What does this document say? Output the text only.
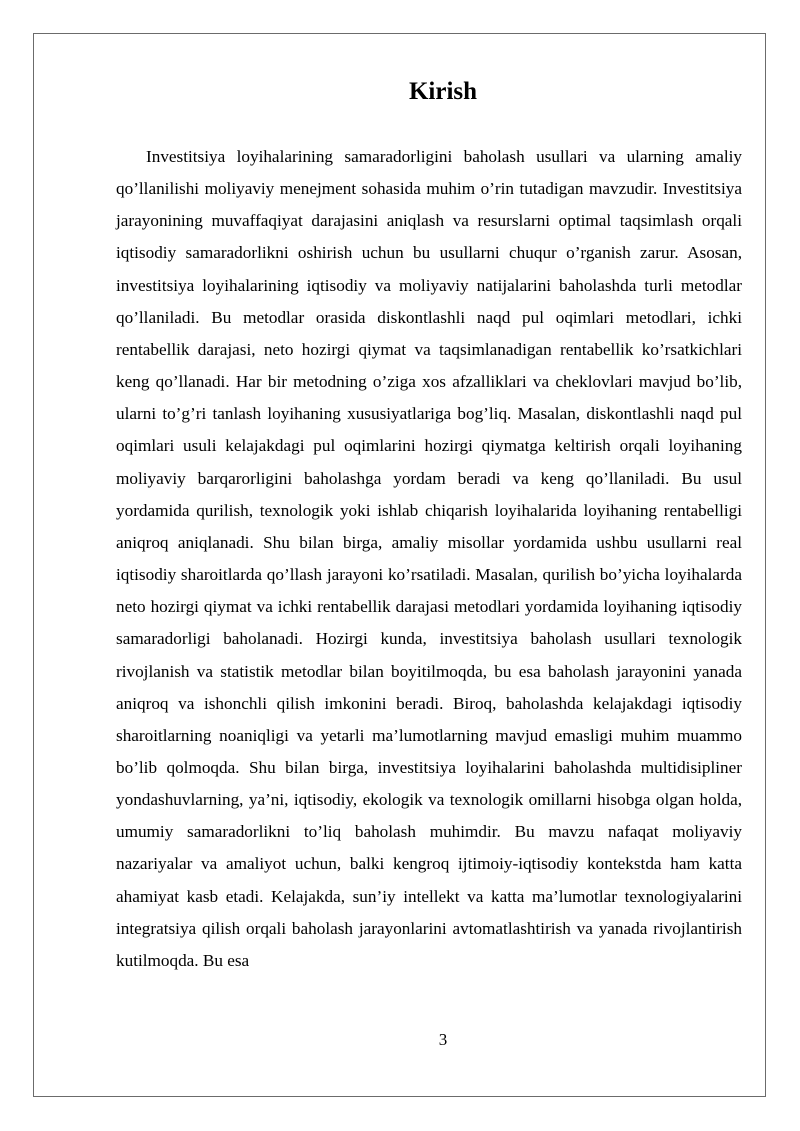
Kirish

Investitsiya loyihalarining samaradorligini baholash usullari va ularning amaliy qo’llanilishi moliyaviy menejment sohasida muhim o’rin tutadigan mavzudir. Investitsiya jarayonining muvaffaqiyat darajasini aniqlash va resurslarni optimal taqsimlash orqali iqtisodiy samaradorlikni oshirish uchun bu usullarni chuqur o’rganish zarur. Asosan, investitsiya loyihalarining iqtisodiy va moliyaviy natijalarini baholashda turli metodlar qo’llaniladi. Bu metodlar orasida diskontlashli naqd pul oqimlari metodlari, ichki rentabellik darajasi, neto hozirgi qiymat va taqsimlanadigan rentabellik ko’rsatkichlari keng qo’llanadi. Har bir metodning o’ziga xos afzalliklari va cheklovlari mavjud bo’lib, ularni to’g’ri tanlash loyihaning xususiyatlariga bog’liq. Masalan, diskontlashli naqd pul oqimlari usuli kelajakdagi pul oqimlarini hozirgi qiymatga keltirish orqali loyihaning moliyaviy barqarorligini baholashga yordam beradi va keng qo’llaniladi. Bu usul yordamida qurilish, texnologik yoki ishlab chiqarish loyihalarida loyihaning rentabelligi aniqroq aniqlanadi. Shu bilan birga, amaliy misollar yordamida ushbu usullarni real iqtisodiy sharoitlarda qo’llash jarayoni ko’rsatiladi. Masalan, qurilish bo’yicha loyihalarda neto hozirgi qiymat va ichki rentabellik darajasi metodlari yordamida loyihaning iqtisodiy samaradorligi baholanadi. Hozirgi kunda, investitsiya baholash usullari texnologik rivojlanish va statistik metodlar bilan boyitilmoqda, bu esa baholash jarayonini yanada aniqroq va ishonchli qilish imkonini beradi. Biroq, baholashda kelajakdagi iqtisodiy sharoitlarning noaniqligi va yetarli ma’lumotlarning mavjud emasligi muhim muammo bo’lib qolmoqda. Shu bilan birga, investitsiya loyihalarini baholashda multidisipliner yondashuvlarning, ya’ni, iqtisodiy, ekologik va texnologik omillarni hisobga olgan holda, umumiy samaradorlikni to’liq baholash muhimdir. Bu mavzu nafaqat moliyaviy nazariyalar va amaliyot uchun, balki kengroq ijtimoiy-iqtisodiy kontekstda ham katta ahamiyat kasb etadi. Kelajakda, sun’iy intellekt va katta ma’lumotlar texnologiyalarini integratsiya qilish orqali baholash jarayonlarini avtomatlashtirish va yanada rivojlantirish kutilmoqda. Bu esa

3
